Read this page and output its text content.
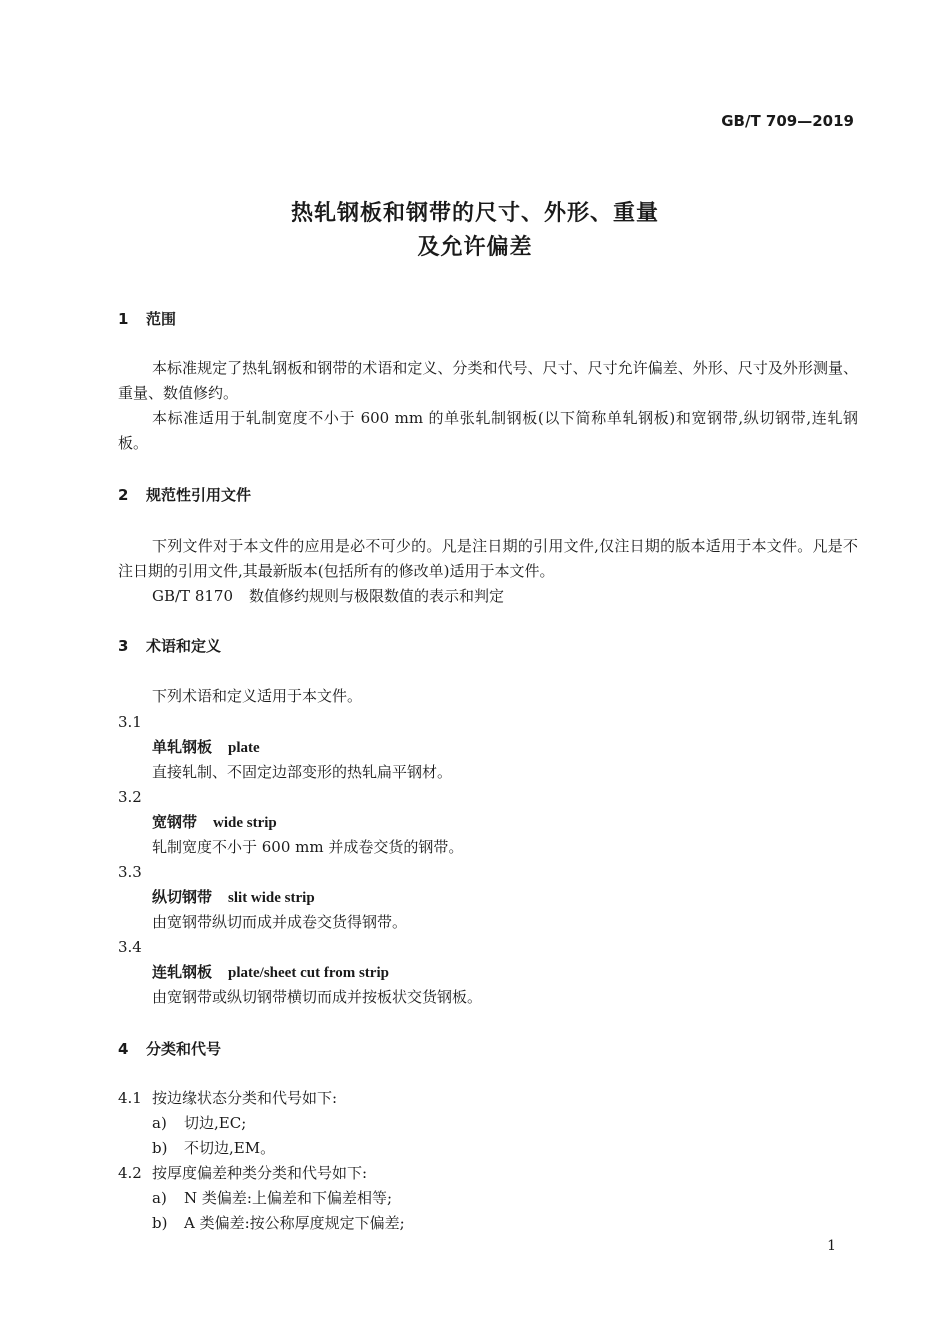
GB/T 709—2019
热轧钢板和钢带的尺寸、外形、重量
及允许偏差
1 范围
本标准规定了热轧钢板和钢带的术语和定义、分类和代号、尺寸、尺寸允许偏差、外形、尺寸及外形测量、重量、数值修约。
本标准适用于轧制宽度不小于 600 mm 的单张轧制钢板(以下简称单轧钢板)和宽钢带,纵切钢带,连轧钢板。
2 规范性引用文件
下列文件对于本文件的应用是必不可少的。凡是注日期的引用文件,仅注日期的版本适用于本文件。凡是不注日期的引用文件,其最新版本(包括所有的修改单)适用于本文件。
GB/T 8170 数值修约规则与极限数值的表示和判定
3 术语和定义
下列术语和定义适用于本文件。
3.1
单轧钢板 plate
直接轧制、不固定边部变形的热轧扁平钢材。
3.2
宽钢带 wide strip
轧制宽度不小于 600 mm 并成卷交货的钢带。
3.3
纵切钢带 slit wide strip
由宽钢带纵切而成并成卷交货得钢带。
3.4
连轧钢板 plate/sheet cut from strip
由宽钢带或纵切钢带横切而成并按板状交货钢板。
4 分类和代号
4.1 按边缘状态分类和代号如下:
a) 切边,EC;
b) 不切边,EM。
4.2 按厚度偏差种类分类和代号如下:
a) N 类偏差:上偏差和下偏差相等;
b) A 类偏差:按公称厚度规定下偏差;
1
